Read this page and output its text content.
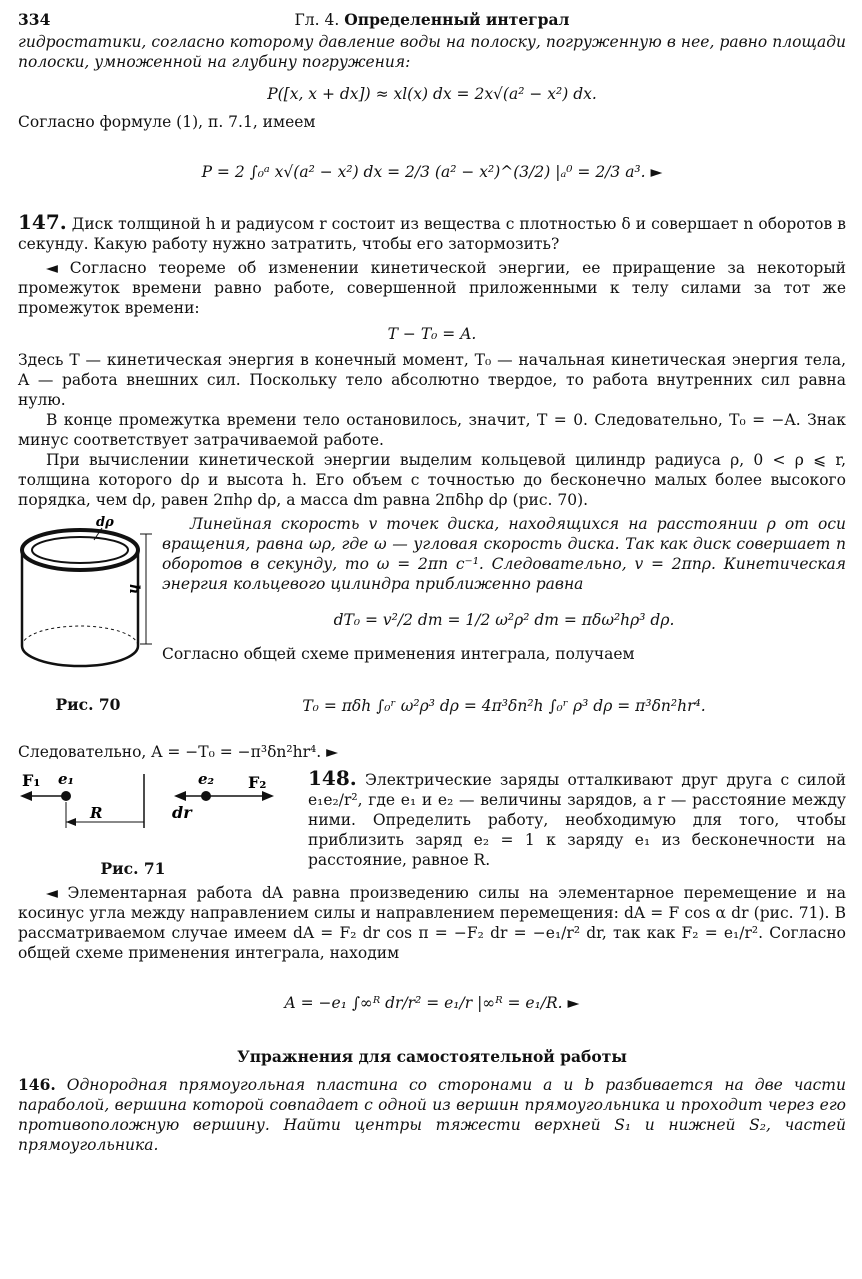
334	Гл. 4. Определенный интеграл

гидростатики, согласно которому давление воды на полоску, погруженную в нее, равно площади полоски, умноженной на глубину погружения:

P([x, x + dx]) ≈ xl(x) dx = 2x√(a² − x²) dx.

Согласно формуле (1), п. 7.1, имеем

P = 2 ∫₀ᵃ x√(a² − x²) dx = 2/3 (a² − x²)^(3/2) |ₐ⁰ = 2/3 a³. ►

147. Диск толщиной h и радиусом r состоит из вещества с плотностью δ и совершает n оборотов в секунду. Какую работу нужно затратить, чтобы его затормозить?

◄ Согласно теореме об изменении кинетической энергии, ее приращение за некоторый промежуток времени равно работе, совершенной приложенными к телу силами за тот же промежуток времени:

T − T₀ = A.

Здесь T — кинетическая энергия в конечный момент, T₀ — начальная кинетическая энергия тела, A — работа внешних сил. Поскольку тело абсолютно твердое, то работа внутренних сил равна нулю.

В конце промежутка времени тело остановилось, значит, T = 0. Следовательно, T₀ = −A. Знак минус соответствует затрачиваемой работе.

При вычислении кинетической энергии выделим кольцевой цилиндр радиуса ρ, 0 < ρ ⩽ r, толщина которого dρ и высота h. Его объем с точностью до бесконечно малых более высокого порядка, чем dρ, равен 2πhρ dρ, а масса dm равна 2πδhρ dρ (рис. 70).

h
dρ
Рис. 70

Линейная скорость v точек диска, находящихся на расстоянии ρ от оси вращения, равна ωρ, где ω — угловая скорость диска. Так как диск совершает n оборотов в секунду, то ω = 2πn c⁻¹. Следовательно, v = 2πnρ. Кинетическая энергия кольцевого цилиндра приближенно равна

dT₀ = v²/2 dm = 1/2 ω²ρ² dm = πδω²hρ³ dρ.

Согласно общей схеме применения интеграла, получаем

T₀ = πδh ∫₀ʳ ω²ρ³ dρ = 4π³δn²h ∫₀ʳ ρ³ dρ = π³δn²hr⁴.

Следовательно, A = −T₀ = −π³δn²hr⁴. ►

F₁ e₁
R
e₂ F₂
dr
Рис. 71

148. Электрические заряды отталкивают друг друга с силой e₁e₂/r², где e₁ и e₂ — величины зарядов, а r — расстояние между ними. Определить работу, необходимую для того, чтобы приблизить заряд e₂ = 1 к заряду e₁ из бесконечности на расстояние, равное R.

◄ Элементарная работа dA равна произведению силы на элементарное перемещение и на косинус угла между направлением силы и направлением перемещения: dA = F cos α dr (рис. 71). В рассматриваемом случае имеем dA = F₂ dr cos π = −F₂ dr = −e₁/r² dr, так как F₂ = e₁/r². Согласно общей схеме применения интеграла, находим

A = −e₁ ∫∞ᴿ dr/r² = e₁/r |∞ᴿ = e₁/R. ►
Упражнения для самостоятельной работы

146. Однородная прямоугольная пластина со сторонами a и b разбивается на две части параболой, вершина которой совпадает с одной из вершин прямоугольника и проходит через его противоположную вершину. Найти центры тяжести верхней S₁ и нижней S₂, частей прямоугольника.
